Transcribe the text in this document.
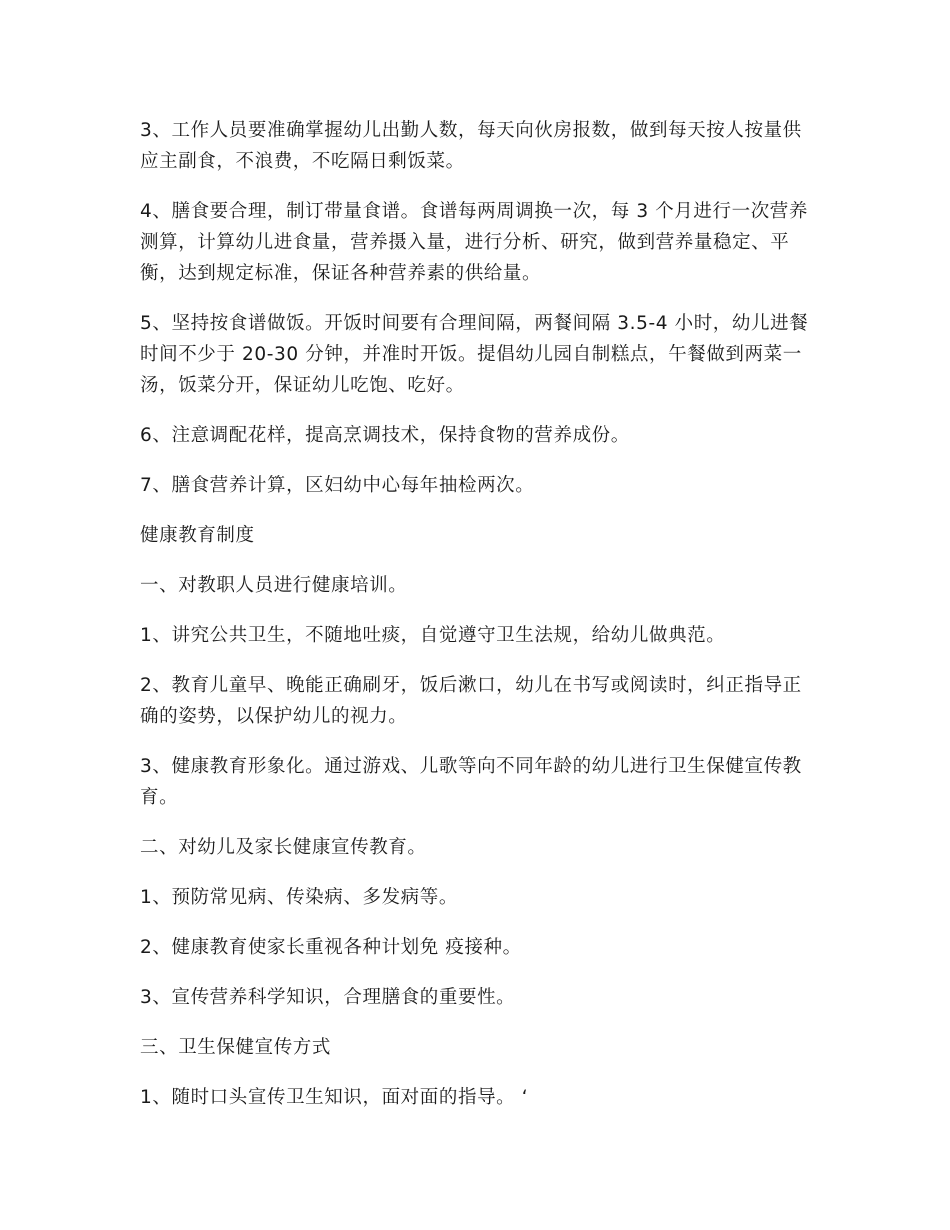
3、工作人员要准确掌握幼儿出勤人数，每天向伙房报数，做到每天按人按量供应主副食，不浪费，不吃隔日剩饭菜。

4、膳食要合理，制订带量食谱。食谱每两周调换一次，每 3 个月进行一次营养测算，计算幼儿进食量，营养摄入量，进行分析、研究，做到营养量稳定、平衡，达到规定标准，保证各种营养素的供给量。

5、坚持按食谱做饭。开饭时间要有合理间隔，两餐间隔 3.5-4 小时，幼儿进餐时间不少于 20-30 分钟，并准时开饭。提倡幼儿园自制糕点，午餐做到两菜一汤，饭菜分开，保证幼儿吃饱、吃好。

6、注意调配花样，提高烹调技术，保持食物的营养成份。

7、膳食营养计算，区妇幼中心每年抽检两次。

健康教育制度

一、对教职人员进行健康培训。

1、讲究公共卫生，不随地吐痰，自觉遵守卫生法规，给幼儿做典范。

2、教育儿童早、晚能正确刷牙，饭后漱口，幼儿在书写或阅读时，纠正指导正确的姿势，以保护幼儿的视力。

3、健康教育形象化。通过游戏、儿歌等向不同年龄的幼儿进行卫生保健宣传教育。

二、对幼儿及家长健康宣传教育。

1、预防常见病、传染病、多发病等。

2、健康教育使家长重视各种计划免 疫接种。

3、宣传营养科学知识，合理膳食的重要性。

三、卫生保健宣传方式

1、随时口头宣传卫生知识，面对面的指导。 ‘
